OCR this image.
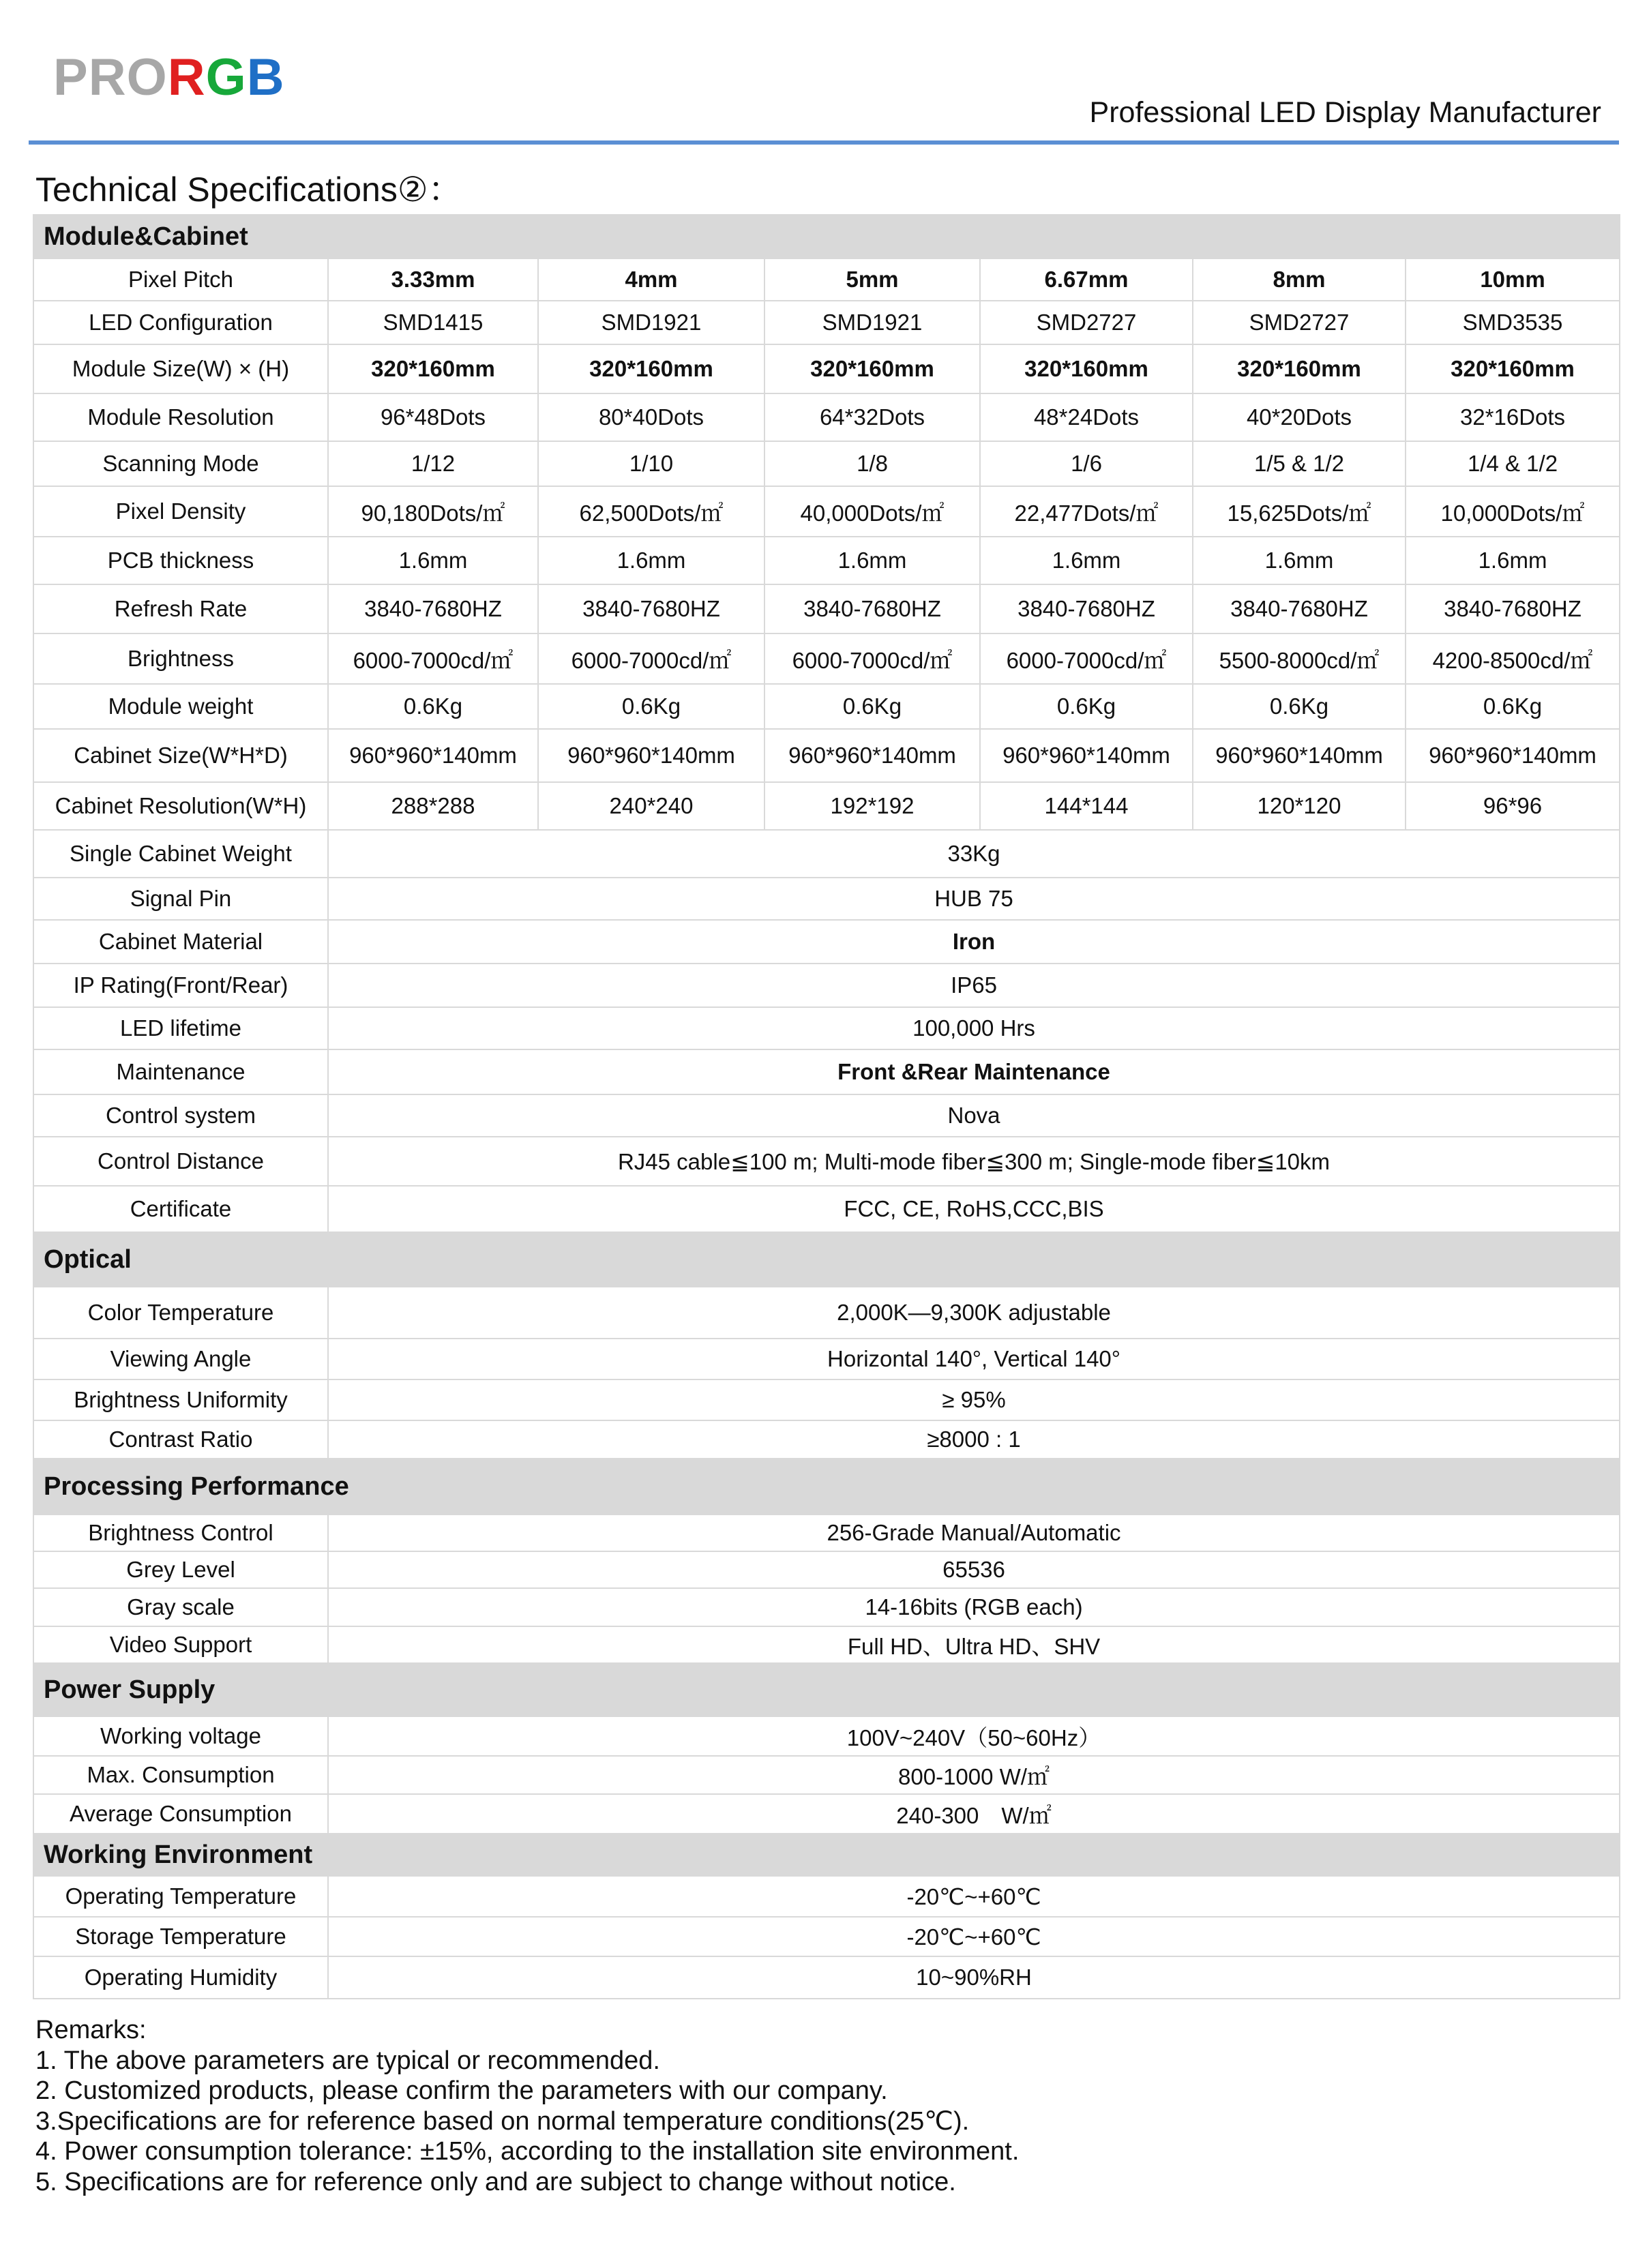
PRORGB
Professional LED Display Manufacturer
Technical Specifications②：
Module&Cabinet						
Pixel Pitch	3.33mm	4mm	5mm	6.67mm	8mm	10mm
LED Configuration	SMD1415	SMD1921	SMD1921	SMD2727	SMD2727	SMD3535
Module Size(W) × (H)	320*160mm	320*160mm	320*160mm	320*160mm	320*160mm	320*160mm
Module Resolution	96*48Dots	80*40Dots	64*32Dots	48*24Dots	40*20Dots	32*16Dots
Scanning Mode	1/12	1/10	1/8	1/6	1/5 & 1/2	1/4 & 1/2
Pixel Density	90,180Dots/㎡	62,500Dots/㎡	40,000Dots/㎡	22,477Dots/㎡	15,625Dots/㎡	10,000Dots/㎡
PCB thickness	1.6mm	1.6mm	1.6mm	1.6mm	1.6mm	1.6mm
Refresh Rate	3840-7680HZ	3840-7680HZ	3840-7680HZ	3840-7680HZ	3840-7680HZ	3840-7680HZ
Brightness	6000-7000cd/㎡	6000-7000cd/㎡	6000-7000cd/㎡	6000-7000cd/㎡	5500-8000cd/㎡	4200-8500cd/㎡
Module weight	0.6Kg	0.6Kg	0.6Kg	0.6Kg	0.6Kg	0.6Kg
Cabinet Size(W*H*D)	960*960*140mm	960*960*140mm	960*960*140mm	960*960*140mm	960*960*140mm	960*960*140mm
Cabinet Resolution(W*H)	288*288	240*240	192*192	144*144	120*120	96*96
Single Cabinet Weight	33Kg					
Signal Pin	HUB 75					
Cabinet Material	Iron					
IP Rating(Front/Rear)	IP65					
LED lifetime	100,000 Hrs					
Maintenance	Front &Rear Maintenance					
Control system	Nova					
Control Distance	RJ45 cable≦100 m; Multi-mode fiber≦300 m; Single-mode fiber≦10km					
Certificate	FCC, CE, RoHS,CCC,BIS					
Optical						
Color Temperature	2,000K—9,300K adjustable					
Viewing Angle	Horizontal 140°, Vertical 140°					
Brightness Uniformity	≥ 95%					
Contrast Ratio	≥8000 : 1					
Processing Performance						
Brightness Control	256-Grade Manual/Automatic					
Grey Level	65536					
Gray scale	14-16bits (RGB each)					
Video Support	Full HD、Ultra HD、SHV					
Power Supply						
Working voltage	100V~240V（50~60Hz）					
Max. Consumption	800-1000 W/㎡					
Average Consumption	240-300　W/㎡					
Working Environment						
Operating Temperature	-20℃~+60℃					
Storage Temperature	-20℃~+60℃					
Operating Humidity	10~90%RH					
Remarks:
1. The above parameters are typical or recommended.
2. Customized products, please confirm the parameters with our company.
3.Specifications are for reference based on normal temperature conditions(25℃).
4. Power consumption tolerance: ±15%, according to the installation site environment.
5. Specifications are for reference only and are subject to change without notice.
